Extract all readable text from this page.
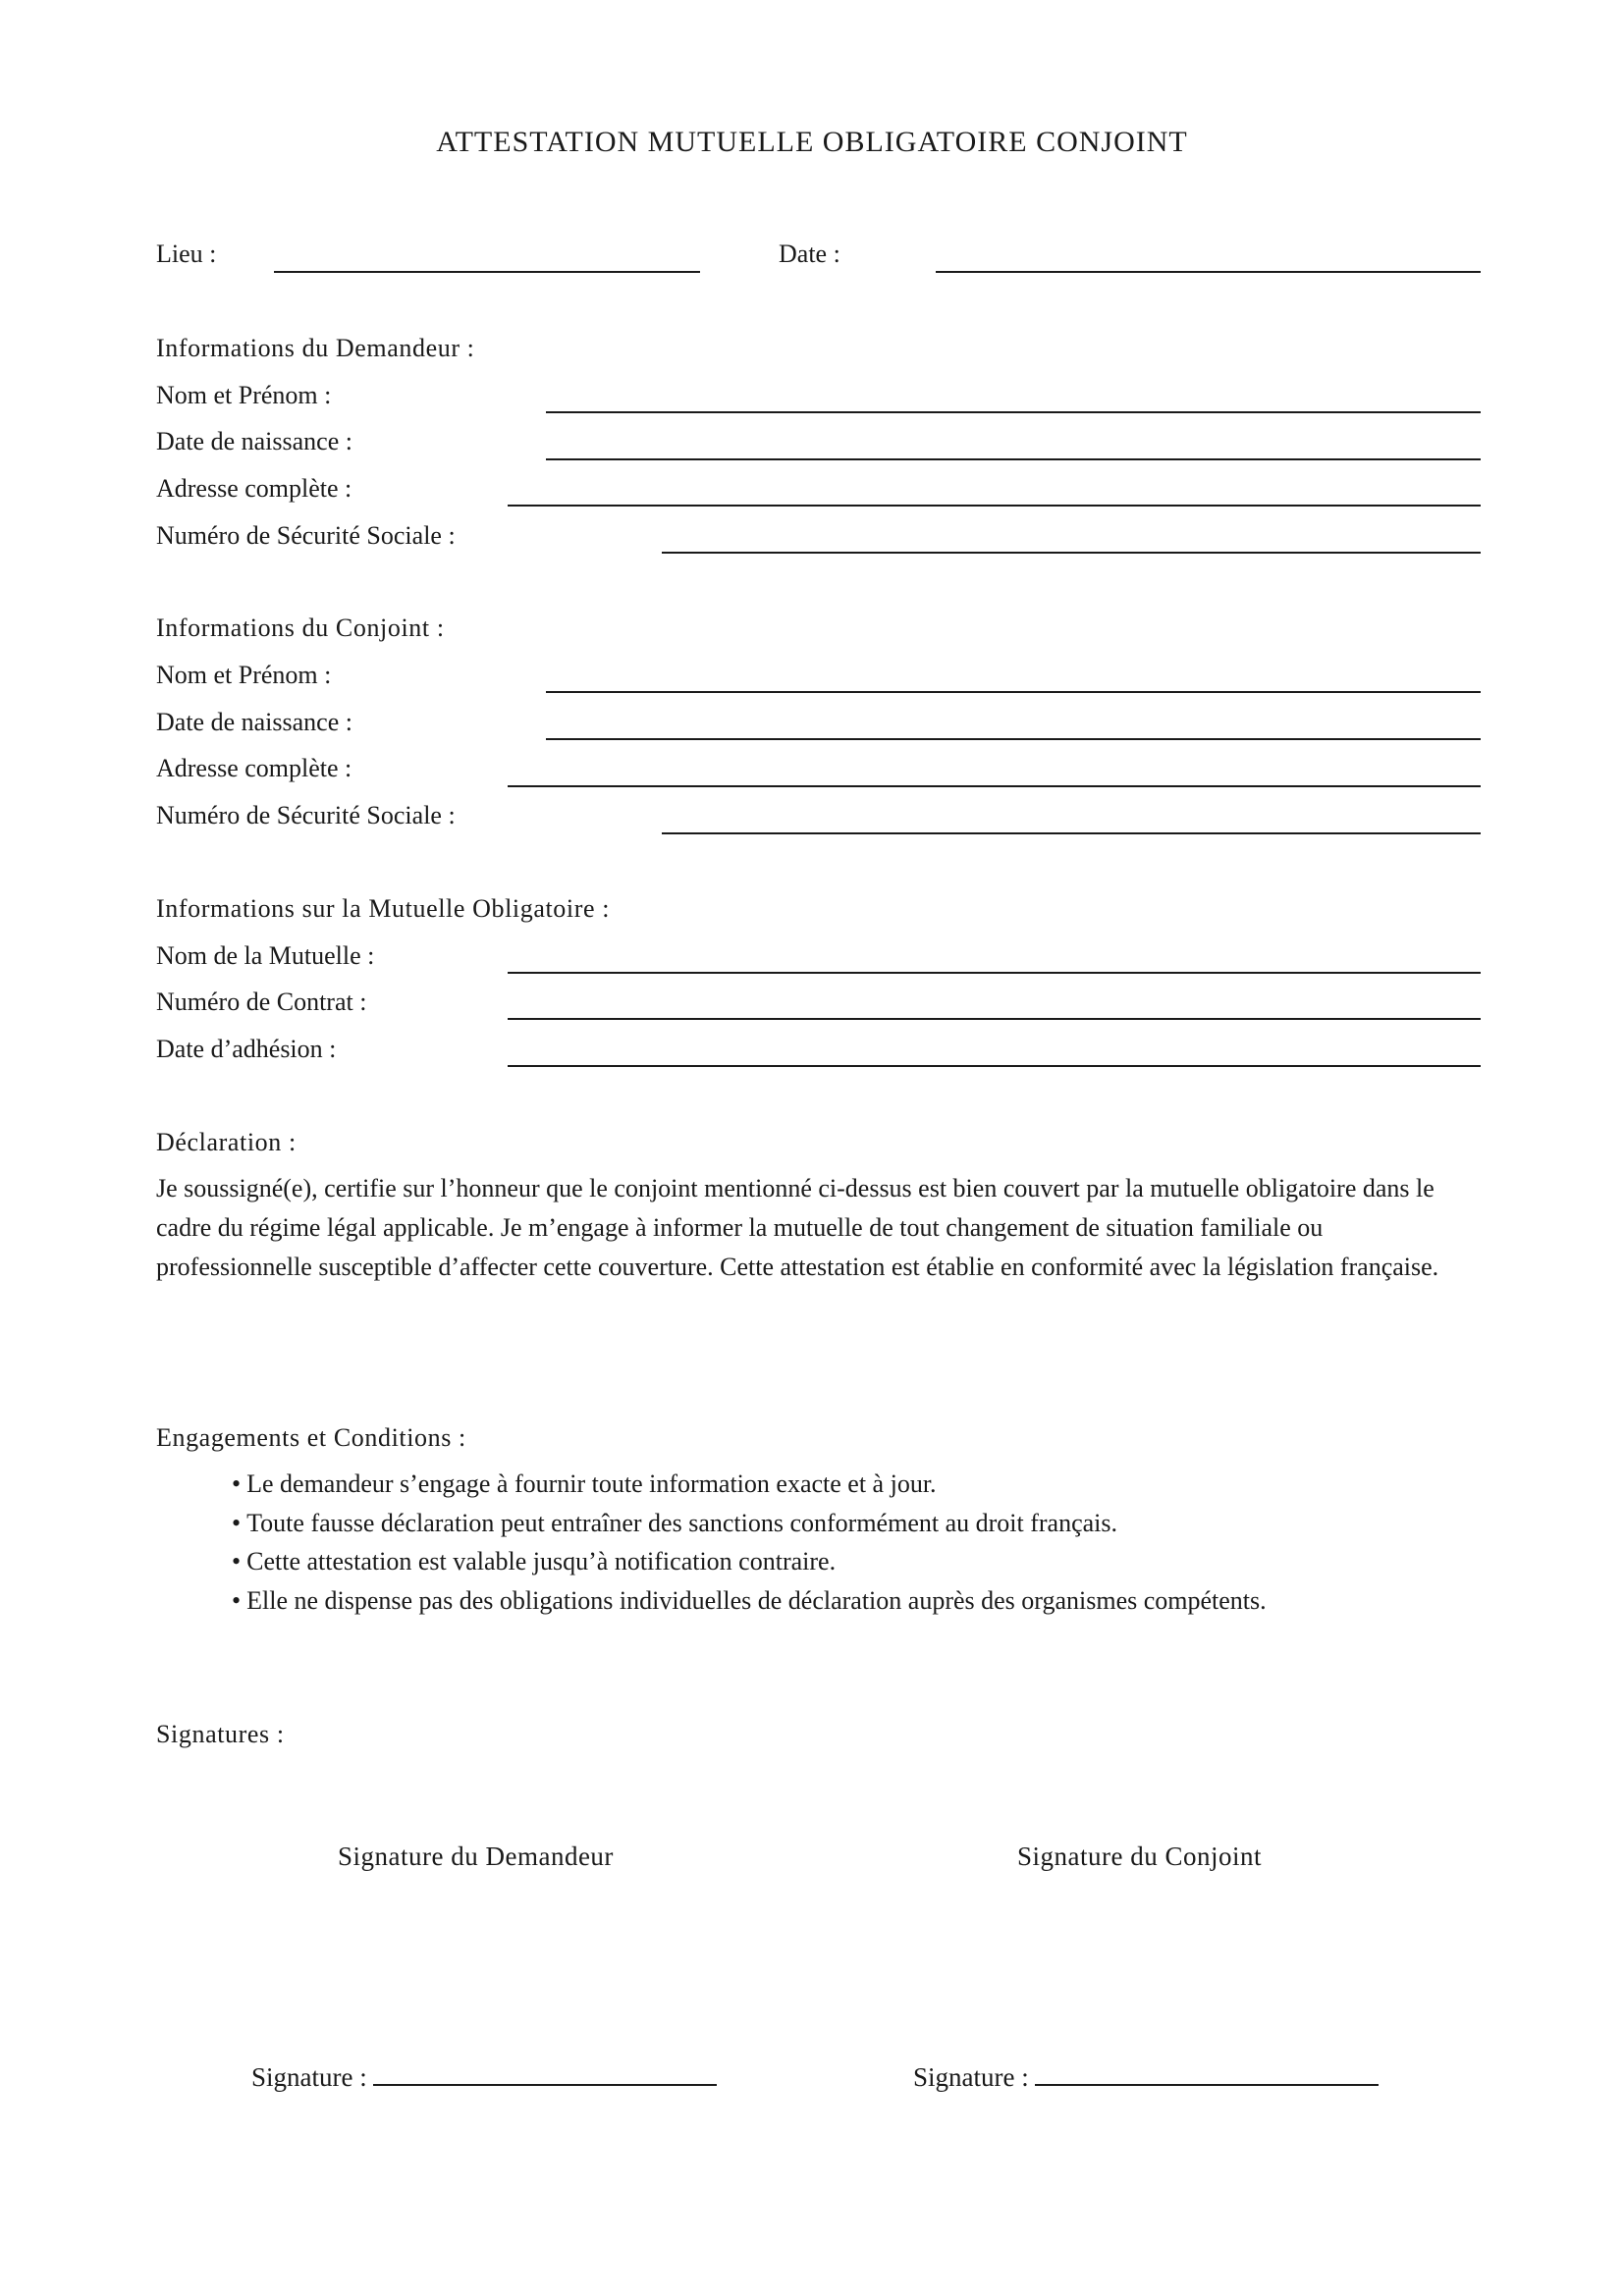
ATTESTATION MUTUELLE OBLIGATOIRE CONJOINT
Lieu :	Date :
Informations du Demandeur :
Nom et Prénom :
Date de naissance :
Adresse complète :
Numéro de Sécurité Sociale :
Informations du Conjoint :
Nom et Prénom :
Date de naissance :
Adresse complète :
Numéro de Sécurité Sociale :
Informations sur la Mutuelle Obligatoire :
Nom de la Mutuelle :
Numéro de Contrat :
Date d’adhésion :
Déclaration :

Je soussigné(e), certifie sur l’honneur que le conjoint mentionné ci-dessus est bien couvert par la mutuelle obligatoire dans le cadre du régime légal applicable. Je m’engage à informer la mutuelle de tout changement de situation familiale ou professionnelle susceptible d’affecter cette couverture. Cette attestation est établie en conformité avec la législation française.

Engagements et Conditions :
• Le demandeur s’engage à fournir toute information exacte et à jour.
• Toute fausse déclaration peut entraîner des sanctions conformément au droit français.
• Cette attestation est valable jusqu’à notification contraire.
• Elle ne dispense pas des obligations individuelles de déclaration auprès des organismes compétents.
Signatures :
Signature du Demandeur	Signature du Conjoint
Signature :	Signature :
